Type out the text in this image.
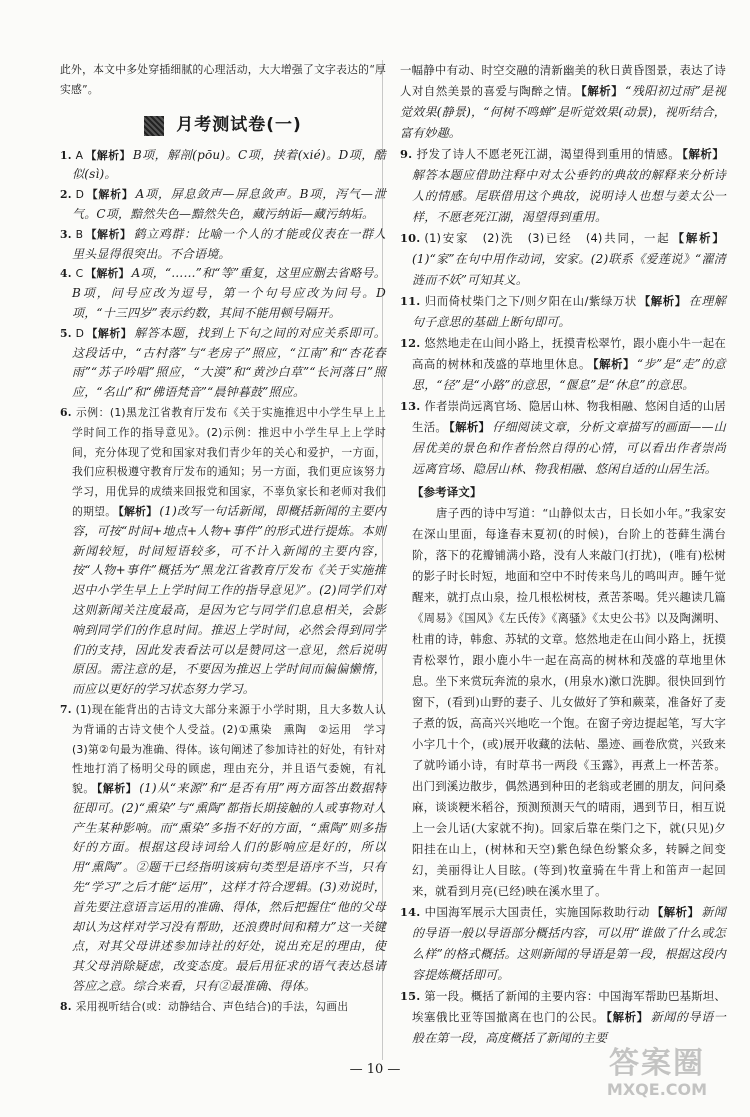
此外，本文中多处穿插细腻的心理活动，大大增强了文字表达的“厚实感”。

月考测试卷(一)

1. A 【解析】 B项，解剖(pōu)。C项，挟着(xié)。D项，酷似(sì)。

2. D 【解析】 A项，屏息敛声—屏息敛声。B项，泻气—泄气。C项，黯然失色—黯然失色，藏污纳诟—藏污纳垢。

3. B 【解析】 鹤立鸡群：比喻一个人的才能或仪表在一群人里头显得很突出。不合语境。

4. C 【解析】 A项，“……”和“等”重复，这里应删去省略号。B项，问号应改为逗号，第一个句号应改为问号。D项，“十三四岁”表示约数，其间不能用顿号隔开。

5. D 【解析】 解答本题，找到上下句之间的对应关系即可。这段话中，“古村落”与“老房子”照应，“江南”和“杏花春雨”“苏子吟唱”照应，“大漠”和“黄沙白草”“长河落日”照应，“名山”和“佛语梵音”“晨钟暮鼓”照应。

6. 示例：(1)黑龙江省教育厅发布《关于实施推迟中小学生早上上学时间工作的指导意见》。(2)示例：推迟中小学生早上上学时间，充分体现了党和国家对我们青少年的关心和爱护，一方面，我们应积极遵守教育厅发布的通知；另一方面，我们更应该努力学习，用优异的成绩来回报党和国家，不辜负家长和老师对我们的期望。 【解析】 (1)改写一句话新闻，即概括新闻的主要内容，可按“时间+地点+人物+事件”的形式进行提炼。本则新闻较短，时间短语较多，可不计入新闻的主要内容，按“人物+事件”概括为“黑龙江省教育厅发布《关于实施推迟中小学生早上上学时间工作的指导意见》”。(2)同学们对这则新闻关注度最高，是因为它与同学们息息相关，会影响到同学们的作息时间。推迟上学时间，必然会得到同学们的支持，因此发表看法可以是赞同这一意见，然后说明原因。需注意的是，不要因为推迟上学时间而偏偏懒惰，而应以更好的学习状态努力学习。

7. (1)现在能背出的古诗文大部分来源于小学时期，且大多数人认为背诵的古诗文使个人受益。(2)①熏染　熏陶　②运用　学习　(3)第②句最为准确、得体。该句阐述了参加诗社的好处，有针对性地打消了杨明父母的顾虑，理由充分，并且语气委婉，有礼貌。 【解析】 (1)从“来源”和“是否有用”两方面答出数据特征即可。(2)“熏染”与“熏陶”都指长期接触的人或事物对人产生某种影响。而“熏染”多指不好的方面，“熏陶”则多指好的方面。根据这段诗词给人们的影响应是好的，所以用“熏陶”。②题干已经指明该病句类型是语序不当，只有先“学习”之后才能“运用”，这样才符合逻辑。(3)劝说时，首先要注意语言运用的准确、得体，然后把握住“他的父母却认为这样对学习没有帮助，还浪费时间和精力”这一关键点，对其父母讲述参加诗社的好处，说出充足的理由，使其父母消除疑虑，改变态度。最后用征求的语气表达恳请答应之意。综合来看，只有②最准确、得体。

8. 采用视听结合(或：动静结合、声色结合)的手法，勾画出

一幅静中有动、时空交融的清新幽美的秋日黄昏图景，表达了诗人对自然美景的喜爱与陶醉之情。 【解析】 “残阳初过雨”是视觉效果(静景)，“何树不鸣蝉”是听觉效果(动景)，视听结合，富有妙趣。

9. 抒发了诗人不愿老死江湖，渴望得到重用的情感。 【解析】解答本题应借助注释中对太公垂钓的典故的解释来分析诗人的情感。尾联借用这个典故，说明诗人也想与姜太公一样，不愿老死江湖，渴望得到重用。

10. (1)安家　(2)洗　(3)已经　(4)共同，一起 【解析】(1)“家”在句中用作动词，安家。(2)联系《爱莲说》“濯清涟而不妖”可知其义。

11. 归而倚杖柴门之下/则夕阳在山/紫绿万状 【解析】 在理解句子意思的基础上断句即可。

12. 悠然地走在山间小路上，抚摸青松翠竹，跟小鹿小牛一起在高高的树林和茂盛的草地里休息。 【解析】 “步”是“走”的意思，“径”是“小路”的意思，“偃息”是“休息”的意思。

13. 作者崇尚远离官场、隐居山林、物我相融、悠闲自适的山居生活。 【解析】 仔细阅读文章，分析文章描写的画面——山居优美的景色和作者怡然自得的心情，可以看出作者崇尚远离官场、隐居山林、物我相融、悠闲自适的山居生活。

【参考译文】

唐子西的诗中写道：“山静似太古，日长如小年。”我家安在深山里面，每逢春末夏初(的时候)，台阶上的苍藓生满台阶，落下的花瓣铺满小路，没有人来敲门(打扰)，(唯有)松树的影子时长时短，地面和空中不时传来鸟儿的鸣叫声。睡午觉醒来，就打点山泉，捡几根松树枝，煮苦茶喝。凭兴趣读几篇《周易》《国风》《左氏传》《离骚》《太史公书》以及陶渊明、杜甫的诗，韩愈、苏轼的文章。悠然地走在山间小路上，抚摸青松翠竹，跟小鹿小牛一起在高高的树林和茂盛的草地里休息。坐下来赏玩奔流的泉水，(用泉水)漱口洗脚。很快回到竹窗下，(看到)山野的妻子、儿女做好了笋和蕨菜，准备好了麦子煮的饭，高高兴兴地吃一个饱。在窗子旁边提起笔，写大字小字几十个，(或)展开收藏的法帖、墨迹、画卷欣赏，兴致来了就吟诵小诗，有时草书一两段《玉露》，再煮上一杯苦茶。出门到溪边散步，偶然遇到种田的老翁或老圃的朋友，问问桑麻，谈谈粳米稻谷，预测预测天气的晴雨，遇到节日，相互说上一会儿话(大家就不拘)。回家后靠在柴门之下，就(只见)夕阳挂在山上，(树林和天空)紫色绿色纷繁众多，转瞬之间变幻，美丽得让人目眩。(等到)牧童骑在牛背上和笛声一起回来，就看到月亮(已经)映在溪水里了。

14. 中国海军展示大国责任，实施国际救助行动 【解析】 新闻的导语一般以导语部分概括内容，可以用“谁做了什么或怎么样”的格式概括。这则新闻的导语是第一段，根据这段内容提炼概括即可。

15. 第一段。概括了新闻的主要内容：中国海军帮助巴基斯坦、埃塞俄比亚等国撤离在也门的公民。 【解析】 新闻的导语一般在第一段，高度概括了新闻的主要

— 10 —	答案圈
MXQE.COM
